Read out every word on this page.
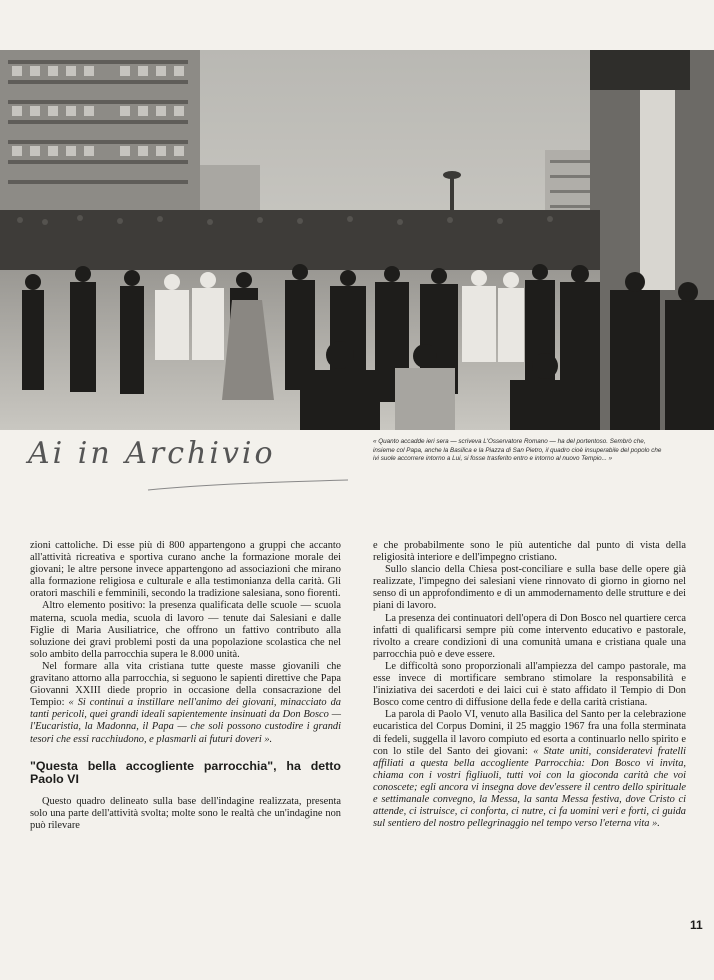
Ai in Archivio	« Quanto accadde ieri sera — scriveva L'Osservatore Romano — ha del portentoso. Sembrò che, insieme col Papa, anche la Basilica e la Piazza di San Pietro, il quadro cioè insuperabile del popolo che ivi suole accorrere intorno a Lui, si fosse trasferito entro e intorno al nuovo Tempio... »

zioni cattoliche. Di esse più di 800 appartengono a gruppi che accanto all'attività ricreativa e sportiva curano anche la formazione morale dei giovani; le altre persone invece appartengono ad associazioni che mirano alla formazione religiosa e culturale e alla testimonianza della carità. Gli oratori maschili e femminili, secondo la tradizione salesiana, sono fiorenti.

Altro elemento positivo: la presenza qualificata delle scuole — scuola materna, scuola media, scuola di lavoro — tenute dai Salesiani e dalle Figlie di Maria Ausiliatrice, che offrono un fattivo contributo alla soluzione dei gravi problemi posti da una popolazione scolastica che nel solo ambito della parrocchia supera le 8.000 unità.

Nel formare alla vita cristiana tutte queste masse giovanili che gravitano attorno alla parrocchia, si seguono le sapienti direttive che Papa Giovanni XXIII diede proprio in occasione della consacrazione del Tempio: « Si continui a instillare nell'animo dei giovani, minacciato da tanti pericoli, quei grandi ideali sapientemente insinuati da Don Bosco — l'Eucaristia, la Madonna, il Papa — che soli possono custodire i grandi tesori che essi racchiudono, e plasmarli ai futuri doveri ».

"Questa bella accogliente parrocchia", ha detto Paolo VI

Questo quadro delineato sulla base dell'indagine realizzata, presenta solo una parte dell'attività svolta; molte sono le realtà che un'indagine non può rilevare

e che probabilmente sono le più autentiche dal punto di vista della religiosità interiore e dell'impegno cristiano.

Sullo slancio della Chiesa post-conciliare e sulla base delle opere già realizzate, l'impegno dei salesiani viene rinnovato di giorno in giorno nel senso di un approfondimento e di un ammodernamento delle strutture e dei piani di lavoro.

La presenza dei continuatori dell'opera di Don Bosco nel quartiere cerca infatti di qualificarsi sempre più come intervento educativo e pastorale, rivolto a creare condizioni di una comunità umana e cristiana quale una parrocchia può e deve essere.

Le difficoltà sono proporzionali all'ampiezza del campo pastorale, ma esse invece di mortificare sembrano stimolare la responsabilità e l'iniziativa dei sacerdoti e dei laici cui è stato affidato il Tempio di Don Bosco come centro di diffusione della fede e della carità cristiana.

La parola di Paolo VI, venuto alla Basilica del Santo per la celebrazione eucaristica del Corpus Domini, il 25 maggio 1967 fra una folla sterminata di fedeli, suggella il lavoro compiuto ed esorta a continuarlo nello spirito e con lo stile del Santo dei giovani: « State uniti, consideratevi fratelli affiliati a questa bella accogliente Parrocchia: Don Bosco vi invita, chiama con i vostri figliuoli, tutti voi con la gioconda carità che voi conoscete; egli ancora vi insegna dove dev'essere il centro dello spirituale e settimanale convegno, la Messa, la santa Messa festiva, dove Cristo ci attende, ci istruisce, ci conforta, ci nutre, ci fa uomini veri e forti, ci guida sul sentiero del nostro pellegrinaggio nel tempo verso l'eterna vita ».

11
